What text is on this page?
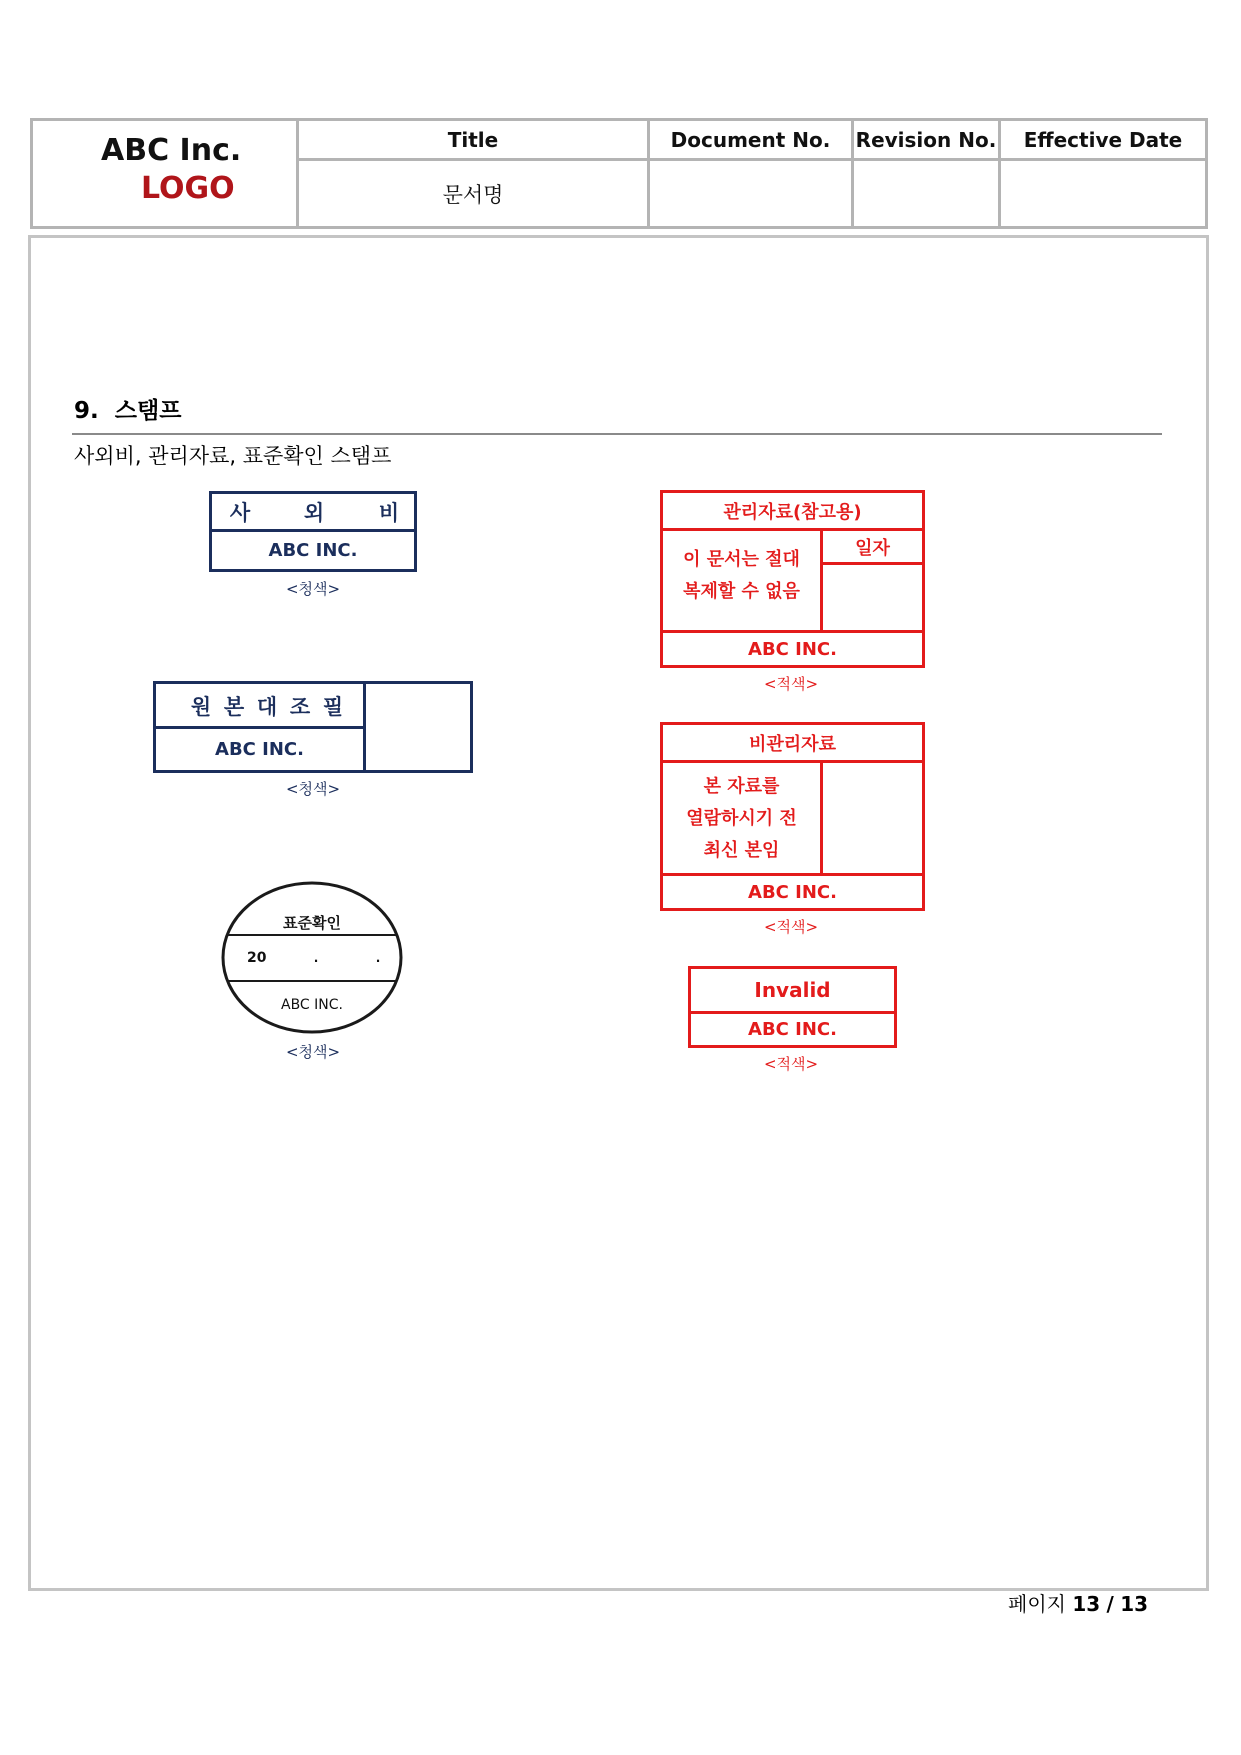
ABC Inc.
LOGO
Title	Document No.	Revision No.	Effective Date
문서명
9. 스탬프
사외비, 관리자료, 표준확인 스탬프
사	외	비
ABC INC.
<청색>
원 본 대 조 필
ABC INC.
<청색>
표준확인
20	.	.
ABC INC.
<청색>
관리자료(참고용)
이 문서는 절대
복제할 수 없음
일자
ABC INC.
<적색>
비관리자료
본 자료를
열람하시기 전
최신 본임
ABC INC.
<적색>
Invalid
ABC INC.
<적색>
페이지 13 / 13
